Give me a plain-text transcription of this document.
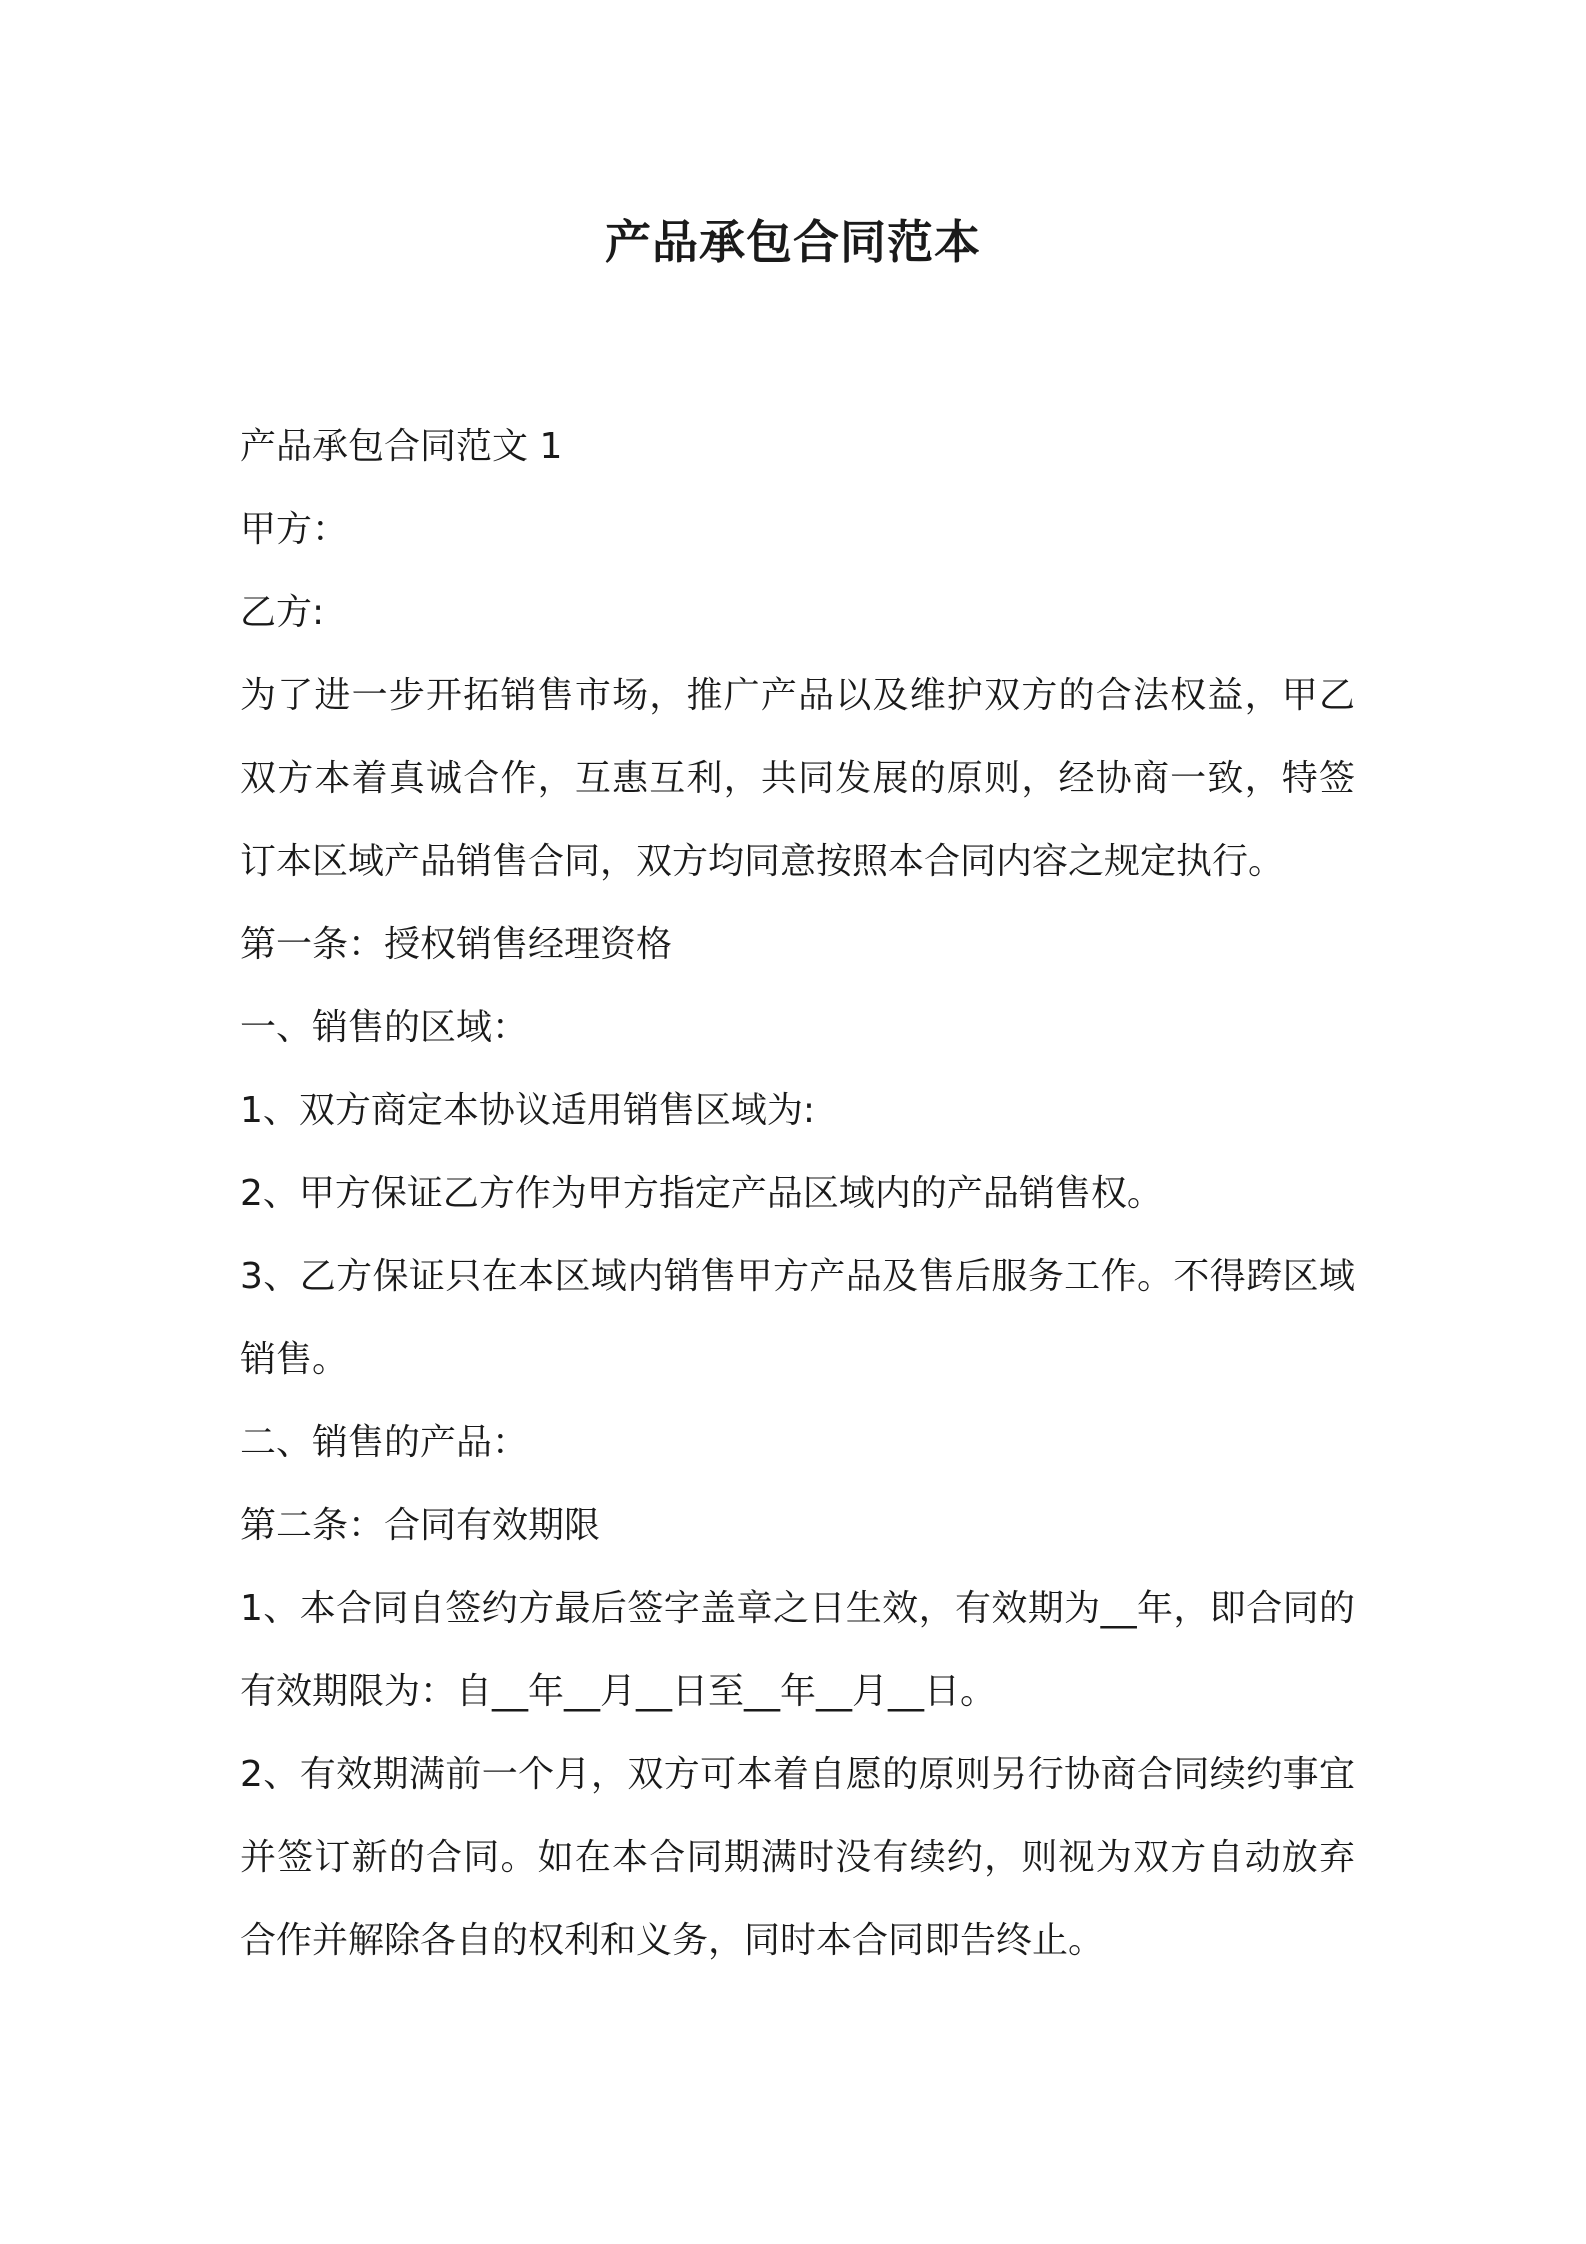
产品承包合同范本

产品承包合同范文 1

甲方：

乙方:

为了进一步开拓销售市场，推广产品以及维护双方的合法权益，甲乙双方本着真诚合作，互惠互利，共同发展的原则，经协商一致，特签订本区域产品销售合同，双方均同意按照本合同内容之规定执行。

第一条：授权销售经理资格

一、销售的区域：

1、双方商定本协议适用销售区域为:

2、甲方保证乙方作为甲方指定产品区域内的产品销售权。

3、乙方保证只在本区域内销售甲方产品及售后服务工作。不得跨区域销售。

二、销售的产品：

第二条：合同有效期限

1、本合同自签约方最后签字盖章之日生效，有效期为__年，即合同的有效期限为：自__年__月__日至__年__月__日。

2、有效期满前一个月，双方可本着自愿的原则另行协商合同续约事宜并签订新的合同。如在本合同期满时没有续约，则视为双方自动放弃合作并解除各自的权利和义务，同时本合同即告终止。
